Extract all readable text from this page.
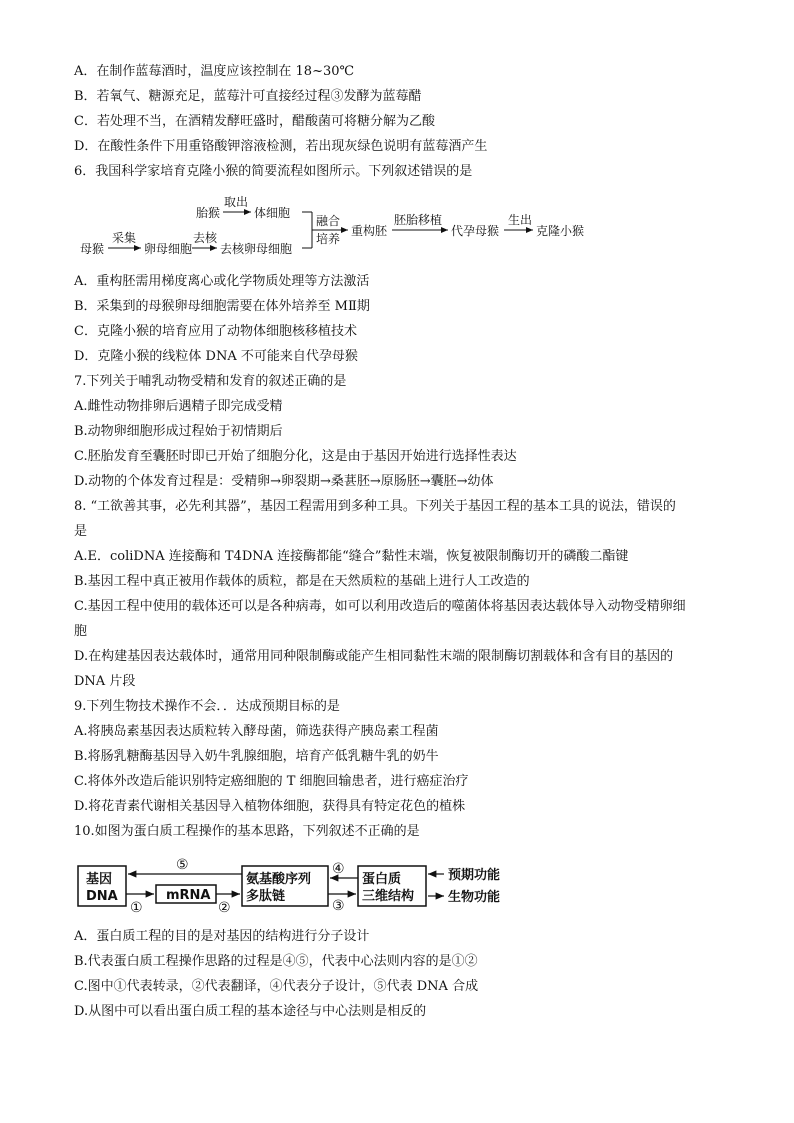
A．在制作蓝莓酒时，温度应该控制在 18~30℃
B．若氧气、糖源充足，蓝莓汁可直接经过程③发酵为蓝莓醋
C．若处理不当，在酒精发酵旺盛时，醋酸菌可将糖分解为乙酸
D．在酸性条件下用重铬酸钾溶液检测，若出现灰绿色说明有蓝莓酒产生
6．我国科学家培育克隆小猴的简要流程如图所示。下列叙述错误的是
胎猴
取出
体细胞
母猴
采集
卵母细胞
去核
去核卵母细胞
融合
培养
重构胚
胚胎移植
代孕母猴
生出
克隆小猴
A．重构胚需用梯度离心或化学物质处理等方法激活
B．采集到的母猴卵母细胞需要在体外培养至 MⅡ期
C．克隆小猴的培育应用了动物体细胞核移植技术
D．克隆小猴的线粒体 DNA 不可能来自代孕母猴
7.下列关于哺乳动物受精和发育的叙述正确的是
A.雌性动物排卵后遇精子即完成受精
B.动物卵细胞形成过程始于初情期后
C.胚胎发育至囊胚时即已开始了细胞分化，这是由于基因开始进行选择性表达
D.动物的个体发育过程是：受精卵→卵裂期→桑葚胚→原肠胚→囊胚→幼体
8. “工欲善其事，必先利其器”，基因工程需用到多种工具。下列关于基因工程的基本工具的说法，错误的
是
A.E．coliDNA 连接酶和 T4DNA 连接酶都能“缝合”黏性末端，恢复被限制酶切开的磷酸二酯键
B.基因工程中真正被用作载体的质粒，都是在天然质粒的基础上进行人工改造的
C.基因工程中使用的载体还可以是各种病毒，如可以利用改造后的噬菌体将基因表达载体导入动物受精卵细
胞
D.在构建基因表达载体时，通常用同种限制酶或能产生相同黏性末端的限制酶切割载体和含有目的基因的
DNA 片段
9.下列生物技术操作不会．．达成预期目标的是
A.将胰岛素基因表达质粒转入酵母菌，筛选获得产胰岛素工程菌
B.将肠乳糖酶基因导入奶牛乳腺细胞，培育产低乳糖牛乳的奶牛
C.将体外改造后能识别特定癌细胞的 T 细胞回输患者，进行癌症治疗
D.将花青素代谢相关基因导入植物体细胞，获得具有特定花色的植株
10.如图为蛋白质工程操作的基本思路，下列叙述不正确的是
基因
DNA	mRNA
氨基酸序列
多肽链
蛋白质
三维结构
预期功能
生物功能
⑤
①	②
④
③
A．蛋白质工程的目的是对基因的结构进行分子设计
B.代表蛋白质工程操作思路的过程是④⑤，代表中心法则内容的是①②
C.图中①代表转录，②代表翻译，④代表分子设计，⑤代表 DNA 合成
D.从图中可以看出蛋白质工程的基本途径与中心法则是相反的
